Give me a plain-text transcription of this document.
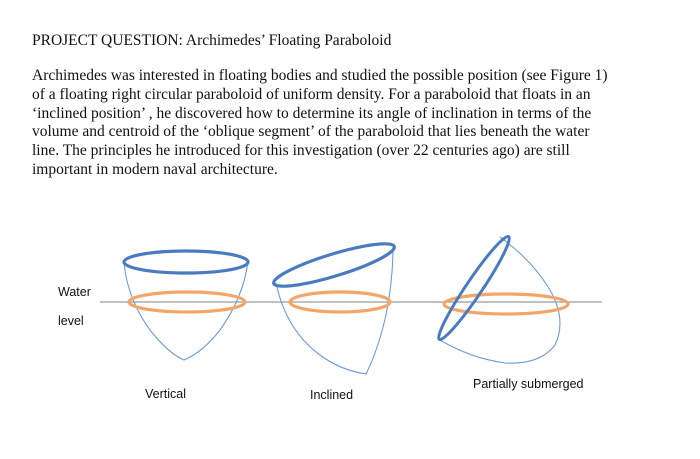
PROJECT QUESTION: Archimedes’ Floating Paraboloid
Archimedes was interested in floating bodies and studied the possible position (see Figure 1)
of a floating right circular paraboloid of uniform density. For a paraboloid that floats in an
‘inclined position’ , he discovered how to determine its angle of inclination in terms of the
volume and centroid of the ‘oblique segment’ of the paraboloid that lies beneath the water
line. The principles he introduced for this investigation (over 22 centuries ago) are still
important in modern naval architecture.
Water
level
Vertical	Inclined
Partially submerged
